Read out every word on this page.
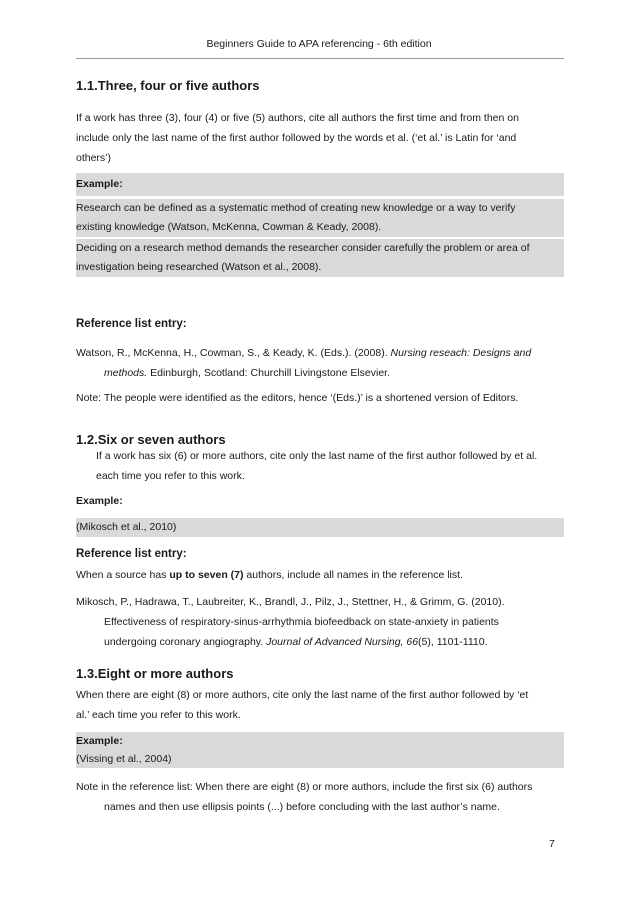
Beginners Guide to APA referencing - 6th edition
1.1.Three, four or five authors
If a work has three (3), four (4) or five (5) authors, cite all authors the first time and from then on
include only the last name of the first author followed by the words et al. (‘et al.’ is Latin for ‘and
others’)
Example:
Research can be defined as a systematic method of creating new knowledge or a way to verify
existing knowledge (Watson, McKenna, Cowman & Keady, 2008).
Deciding on a research method demands the researcher consider carefully the problem or area of
investigation being researched (Watson et al., 2008).
Reference list entry:
Watson, R., McKenna, H., Cowman, S., & Keady, K. (Eds.). (2008). Nursing reseach: Designs and
methods. Edinburgh, Scotland: Churchill Livingstone Elsevier.
Note: The people were identified as the editors, hence ‘(Eds.)’ is a shortened version of Editors.
1.2.Six or seven authors
If a work has six (6) or more authors, cite only the last name of the first author followed by et al.
each time you refer to this work.
Example:
(Mikosch et al., 2010)
Reference list entry:
When a source has up to seven (7) authors, include all names in the reference list.
Mikosch, P., Hadrawa, T., Laubreiter, K., Brandl, J., Pilz, J., Stettner, H., & Grimm, G. (2010).
Effectiveness of respiratory-sinus-arrhythmia biofeedback on state-anxiety in patients
undergoing coronary angiography. Journal of Advanced Nursing, 66(5), 1101-1110.
1.3.Eight or more authors
When there are eight (8) or more authors, cite only the last name of the first author followed by ‘et
al.’ each time you refer to this work.
Example:
(Vissing et al., 2004)
Note in the reference list: When there are eight (8) or more authors, include the first six (6) authors
names and then use ellipsis points (...) before concluding with the last author’s name.
7
